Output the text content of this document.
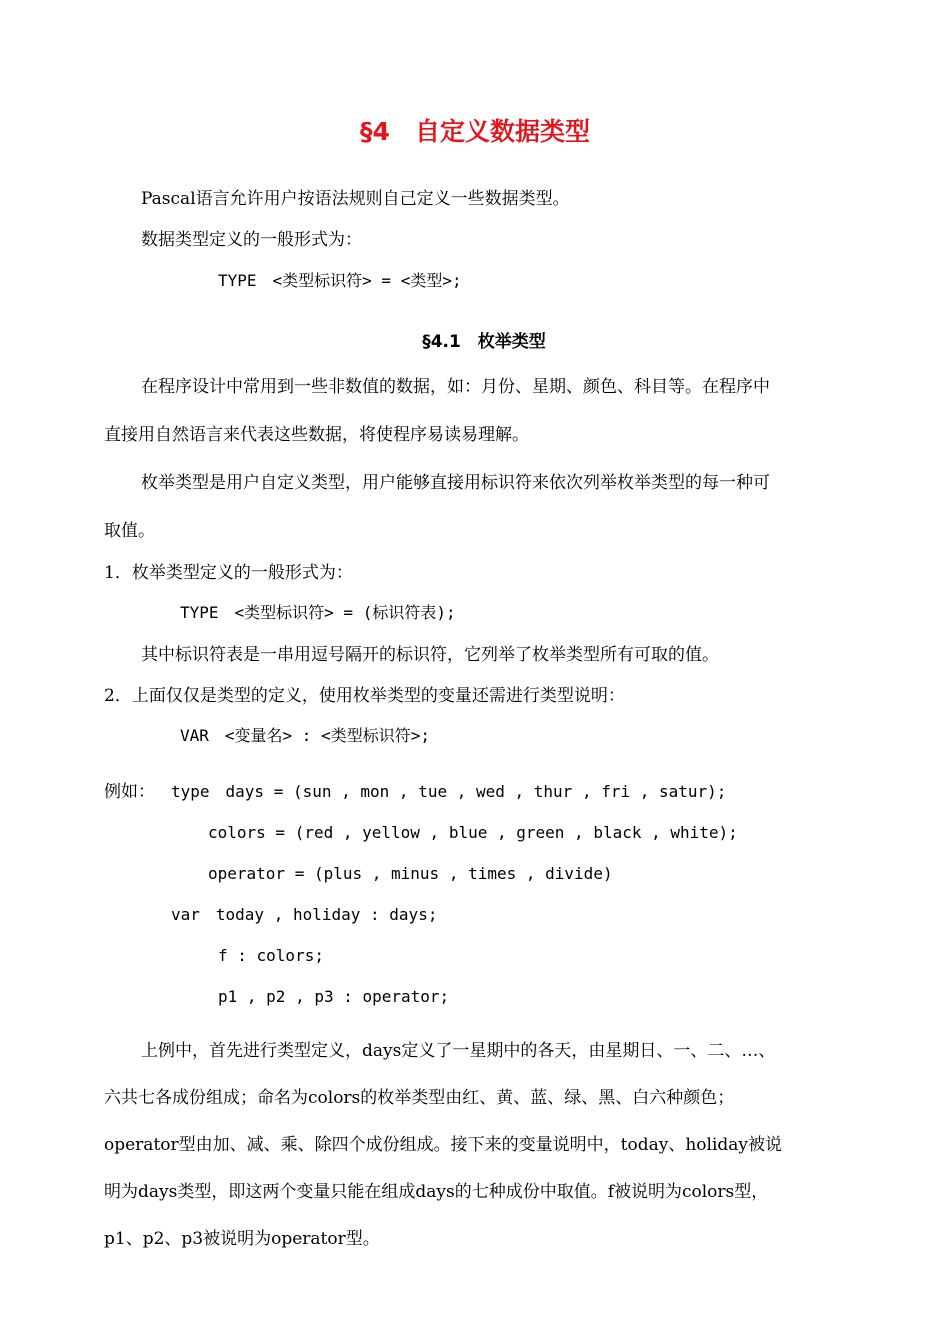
§4　自定义数据类型

Pascal语言允许用户按语法规则自己定义一些数据类型。

数据类型定义的一般形式为：

TYPE　<类型标识符> = <类型>;

§4.1　枚举类型

在程序设计中常用到一些非数值的数据，如：月份、星期、颜色、科目等。在程序中

直接用自然语言来代表这些数据，将使程序易读易理解。

枚举类型是用户自定义类型，用户能够直接用标识符来依次列举枚举类型的每一种可

取值。

1．枚举类型定义的一般形式为：

TYPE　<类型标识符> = (标识符表);

其中标识符表是一串用逗号隔开的标识符，它列举了枚举类型所有可取的值。

2．上面仅仅是类型的定义，使用枚举类型的变量还需进行类型说明：

VAR　<变量名> : <类型标识符>;

例如： type　days = (sun , mon , tue , wed , thur , fri , satur);

colors = (red , yellow , blue , green , black , white);

operator = (plus , minus , times , divide)

var　today , holiday : days;

f : colors;

p1 , p2 , p3 : operator;

上例中，首先进行类型定义，days定义了一星期中的各天，由星期日、一、二、…、

六共七各成份组成；命名为colors的枚举类型由红、黄、蓝、绿、黑、白六种颜色；

operator型由加、减、乘、除四个成份组成。接下来的变量说明中，today、holiday被说

明为days类型，即这两个变量只能在组成days的七种成份中取值。f被说明为colors型，

p1、p2、p3被说明为operator型。
